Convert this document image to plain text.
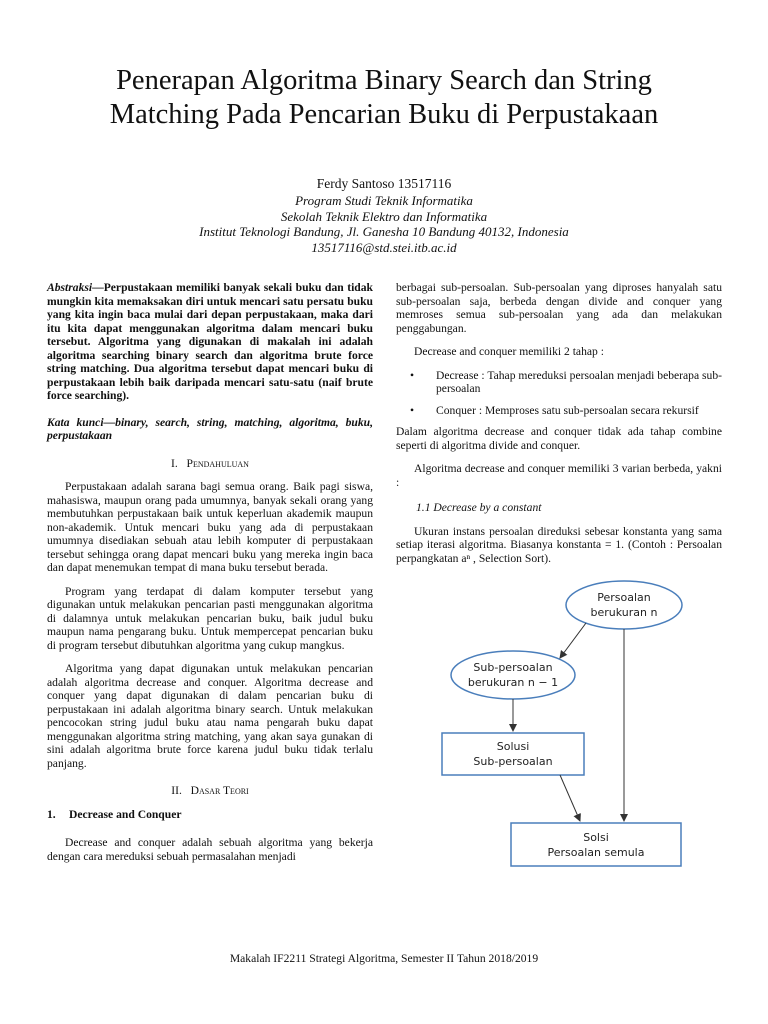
Penerapan Algoritma Binary Search dan String
Matching Pada Pencarian Buku di Perpustakaan
Ferdy Santoso 13517116
Program Studi Teknik Informatika
Sekolah Teknik Elektro dan Informatika
Institut Teknologi Bandung, Jl. Ganesha 10 Bandung 40132, Indonesia
13517116@std.stei.itb.ac.id

Abstraksi—Perpustakaan memiliki banyak sekali buku dan tidak mungkin kita memaksakan diri untuk mencari satu persatu buku yang kita ingin baca mulai dari depan perpustakaan, maka dari itu kita dapat menggunakan algoritma dalam mencari buku tersebut. Algoritma yang digunakan di makalah ini adalah algoritma searching binary search dan algoritma brute force string matching. Dua algoritma tersebut dapat mencari buku di perpustakaan lebih baik daripada mencari satu-satu (naif brute force searching).

Kata kunci—binary, search, string, matching, algoritma, buku, perpustakaan

I. Pendahuluan

Perpustakaan adalah sarana bagi semua orang. Baik pagi siswa, mahasiswa, maupun orang pada umumnya, banyak sekali orang yang membutuhkan perpustakaan baik untuk keperluan akademik maupun non-akademik. Untuk mencari buku yang ada di perpustakaan umumnya disediakan sebuah atau lebih komputer di perpustakaan tersebut sehingga orang dapat mencari buku yang mereka ingin baca dan dapat menemukan tempat di mana buku tersebut berada.

Program yang terdapat di dalam komputer tersebut yang digunakan untuk melakukan pencarian pasti menggunakan algoritma di dalamnya untuk melakukan pencarian buku, baik judul buku maupun nama pengarang buku. Untuk mempercepat pencarian buku di program tersebut dibutuhkan algoritma yang cukup mangkus.

Algoritma yang dapat digunakan untuk melakukan pencarian adalah algoritma decrease and conquer. Algoritma decrease and conquer yang dapat digunakan di dalam pencarian buku di perpustakaan ini adalah algoritma binary search. Untuk melakukan pencocokan string judul buku atau nama pengarah buku dapat menggunakan algoritma string matching, yang akan saya gunakan di sini adalah algoritma brute force karena judul buku tidak terlalu panjang.

II. Dasar Teori

1. Decrease and Conquer

Decrease and conquer adalah sebuah algoritma yang bekerja dengan cara mereduksi sebuah permasalahan menjadi

berbagai sub-persoalan. Sub-persoalan yang diproses hanyalah satu sub-persoalan saja, berbeda dengan divide and conquer yang memroses semua sub-persoalan yang ada dan melakukan penggabungan.

Decrease and conquer memiliki 2 tahap :

• Decrease : Tahap mereduksi persoalan menjadi beberapa sub-persoalan
• Conquer : Memproses satu sub-persoalan secara rekursif

Dalam algoritma decrease and conquer tidak ada tahap combine seperti di algoritma divide and conquer.

Algoritma decrease and conquer memiliki 3 varian berbeda, yakni :

1.1 Decrease by a constant

Ukuran instans persoalan direduksi sebesar konstanta yang sama setiap iterasi algoritma. Biasanya konstanta = 1. (Contoh : Persoalan perpangkatan aⁿ , Selection Sort).

Persoalan
berukuran n
Sub-persoalan
berukuran n − 1
Solusi
Sub-persoalan
Solsi
Persoalan semula
Makalah IF2211 Strategi Algoritma, Semester II Tahun 2018/2019
